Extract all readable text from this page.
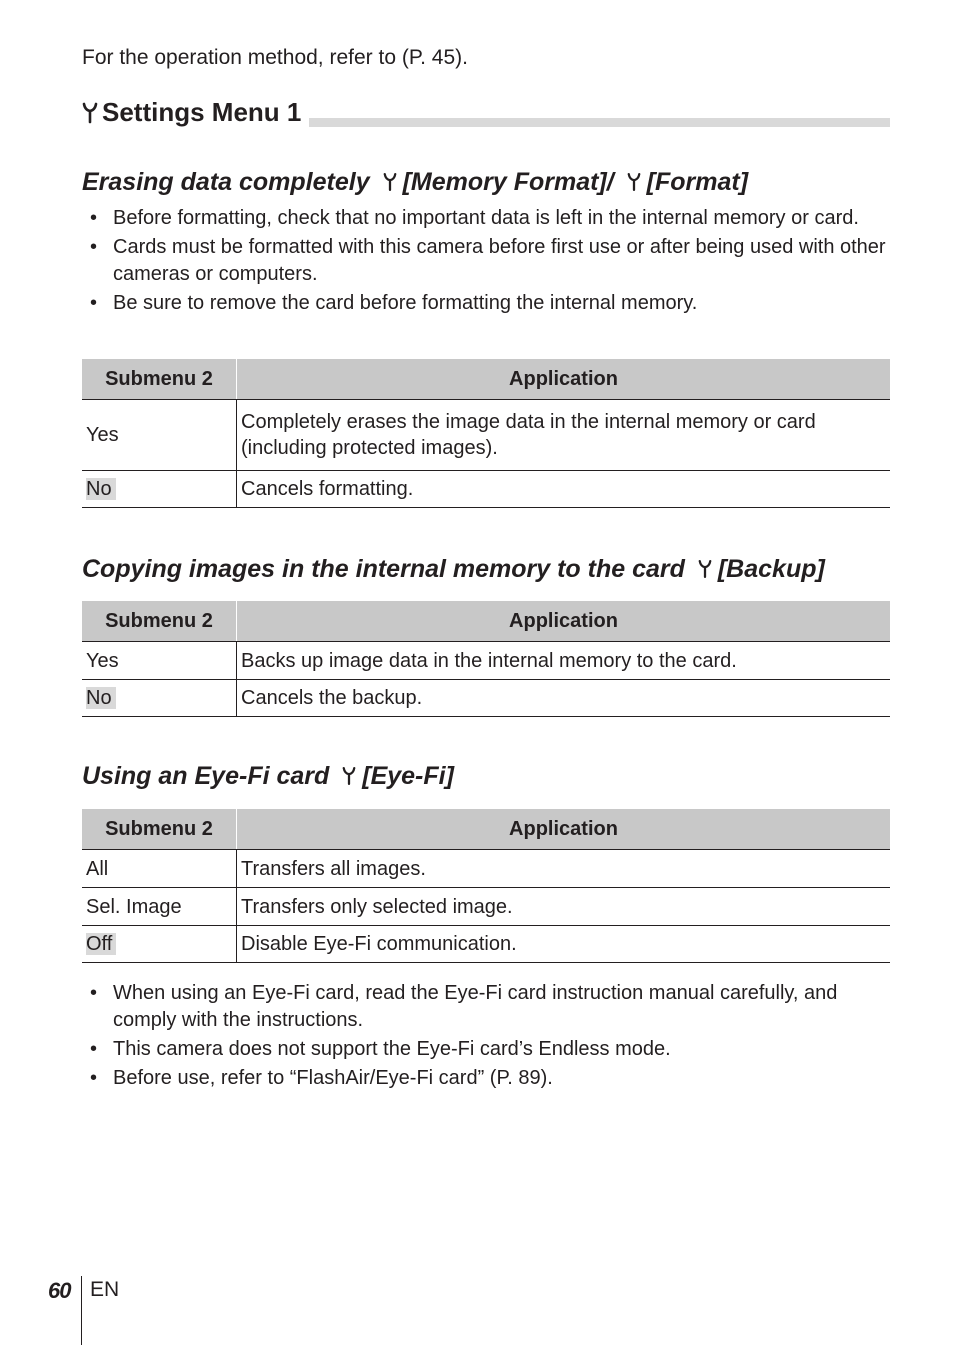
For the operation method, refer to (P. 45).

Settings Menu 1
Erasing data completely [Memory Format]/ [Format]
• Before formatting, check that no important data is left in the internal memory or card.
• Cards must be formatted with this camera before first use or after being used with other cameras or computers.
• Be sure to remove the card before formatting the internal memory.
Submenu 2	Application
Yes	Completely erases the image data in the internal memory or card (including protected images).
No	Cancels formatting.
Copying images in the internal memory to the card [Backup]
Submenu 2	Application
Yes	Backs up image data in the internal memory to the card.
No	Cancels the backup.
Using an Eye-Fi card [Eye-Fi]
Submenu 2	Application
All	Transfers all images.
Sel. Image	Transfers only selected image.
Off	Disable Eye-Fi communication.
• When using an Eye-Fi card, read the Eye-Fi card instruction manual carefully, and comply with the instructions.
• This camera does not support the Eye-Fi card’s Endless mode.
• Before use, refer to “FlashAir/Eye-Fi card” (P. 89).
60 EN
